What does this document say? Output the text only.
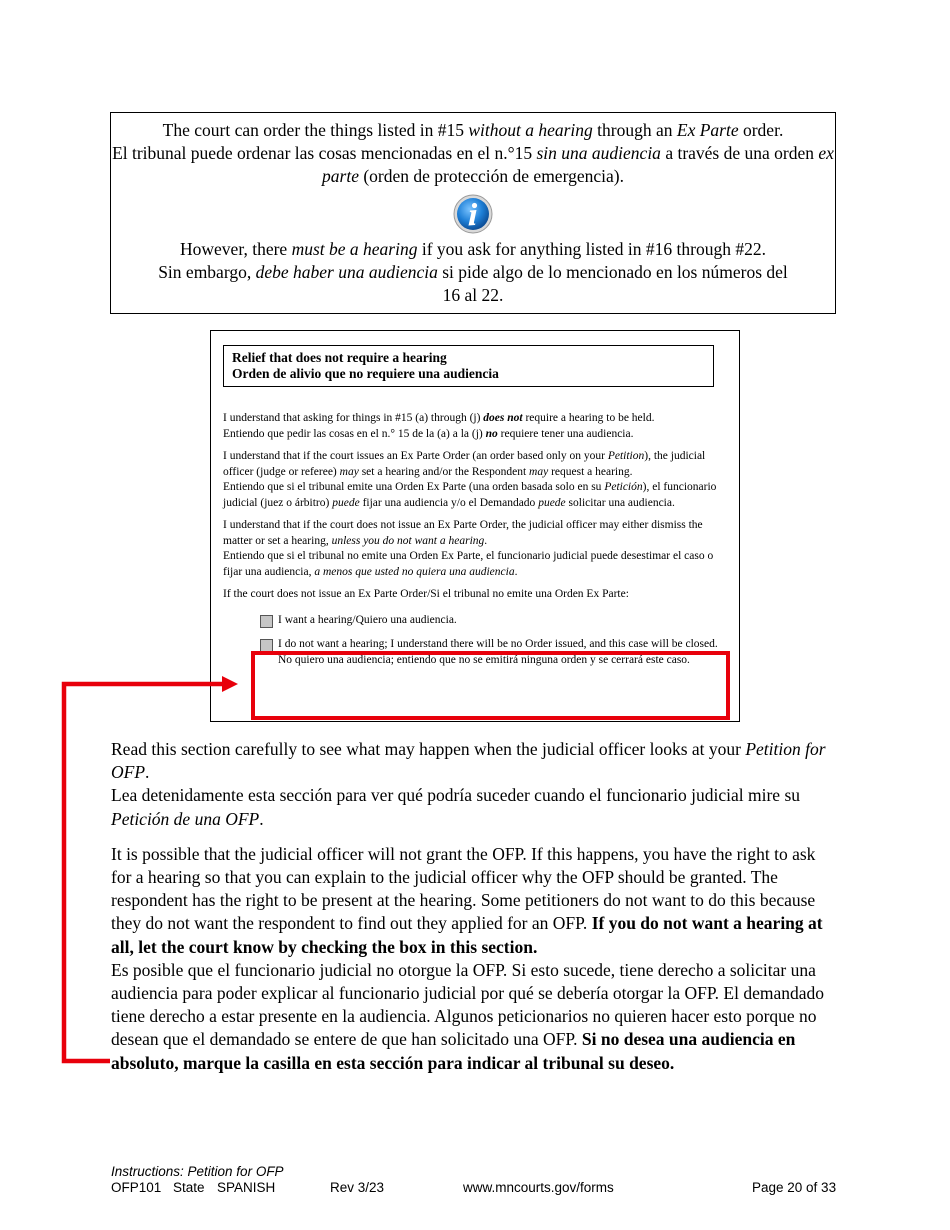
The court can order the things listed in #15 without a hearing through an Ex Parte order.

El tribunal puede ordenar las cosas mencionadas en el n.°15 sin una audiencia a través de una orden ex parte (orden de protección de emergencia).

However, there must be a hearing if you ask for anything listed in #16 through #22.

Sin embargo, debe haber una audiencia si pide algo de lo mencionado en los números del 16 al 22.

Relief that does not require a hearing
Orden de alivio que no requiere una audiencia

I understand that asking for things in #15 (a) through (j) does not require a hearing to be held.
Entiendo que pedir las cosas en el n.° 15 de la (a) a la (j) no requiere tener una audiencia.

I understand that if the court issues an Ex Parte Order (an order based only on your Petition), the judicial officer (judge or referee) may set a hearing and/or the Respondent may request a hearing.
Entiendo que si el tribunal emite una Orden Ex Parte (una orden basada solo en su Petición), el funcionario judicial (juez o árbitro) puede fijar una audiencia y/o el Demandado puede solicitar una audiencia.

I understand that if the court does not issue an Ex Parte Order, the judicial officer may either dismiss the matter or set a hearing, unless you do not want a hearing.
Entiendo que si el tribunal no emite una Orden Ex Parte, el funcionario judicial puede desestimar el caso o fijar una audiencia, a menos que usted no quiera una audiencia.

If the court does not issue an Ex Parte Order/Si el tribunal no emite una Orden Ex Parte:

I want a hearing/Quiero una audiencia.
I do not want a hearing; I understand there will be no Order issued, and this case will be closed.
No quiero una audiencia; entiendo que no se emitirá ninguna orden y se cerrará este caso.

Read this section carefully to see what may happen when the judicial officer looks at your Petition for OFP.
Lea detenidamente esta sección para ver qué podría suceder cuando el funcionario judicial mire su Petición de una OFP.

It is possible that the judicial officer will not grant the OFP. If this happens, you have the right to ask for a hearing so that you can explain to the judicial officer why the OFP should be granted. The respondent has the right to be present at the hearing. Some petitioners do not want to do this because they do not want the respondent to find out they applied for an OFP. If you do not want a hearing at all, let the court know by checking the box in this section.
Es posible que el funcionario judicial no otorgue la OFP. Si esto sucede, tiene derecho a solicitar una audiencia para poder explicar al funcionario judicial por qué se debería otorgar la OFP. El demandado tiene derecho a estar presente en la audiencia. Algunos peticionarios no quieren hacer esto porque no desean que el demandado se entere de que han solicitado una OFP. Si no desea una audiencia en absoluto, marque la casilla en esta sección para indicar al tribunal su deseo.

Instructions: Petition for OFP
OFP101 State SPANISH	Rev 3/23	www.mncourts.gov/forms	Page 20 of 33
